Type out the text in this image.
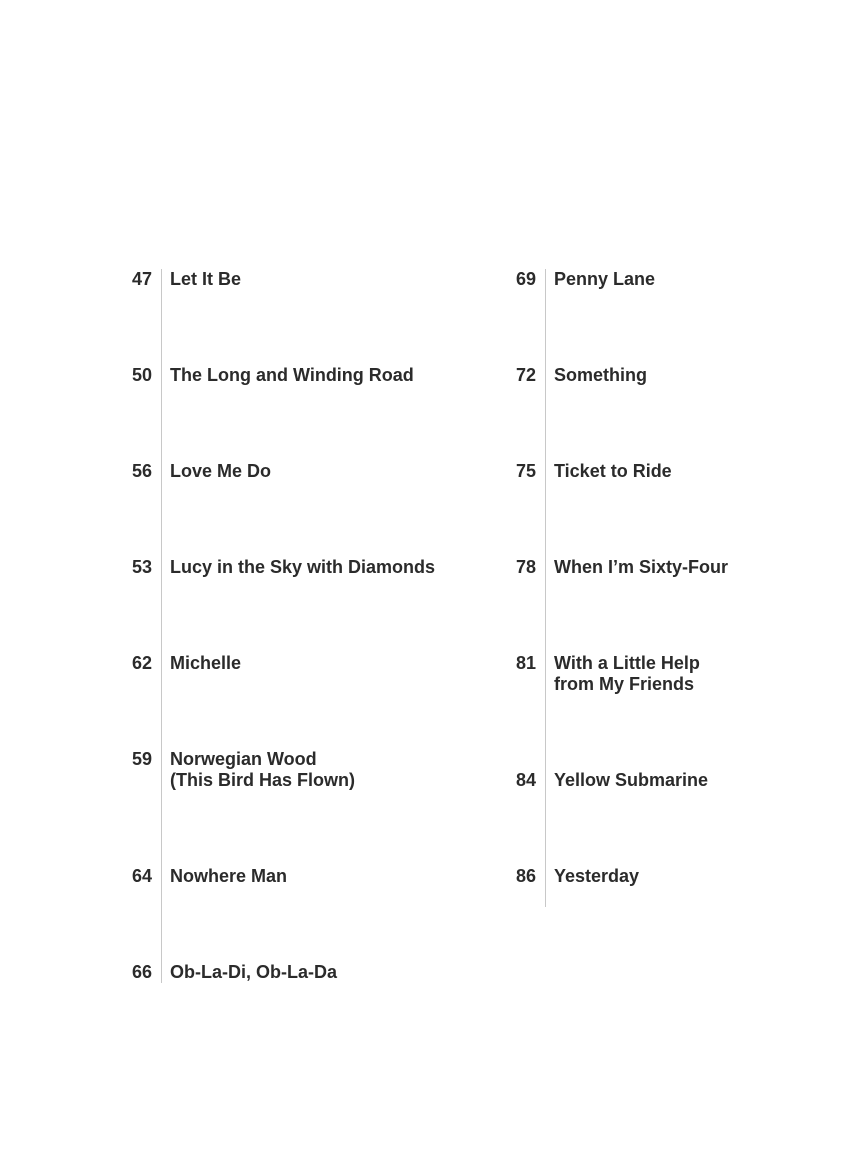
47 Let It Be
50 The Long and Winding Road
56 Love Me Do
53 Lucy in the Sky with Diamonds
62 Michelle
59 Norwegian Wood
(This Bird Has Flown)
64 Nowhere Man
66 Ob-La-Di, Ob-La-Da
69 Penny Lane
72 Something
75 Ticket to Ride
78 When I’m Sixty-Four
81 With a Little Help
from My Friends
84 Yellow Submarine
86 Yesterday
